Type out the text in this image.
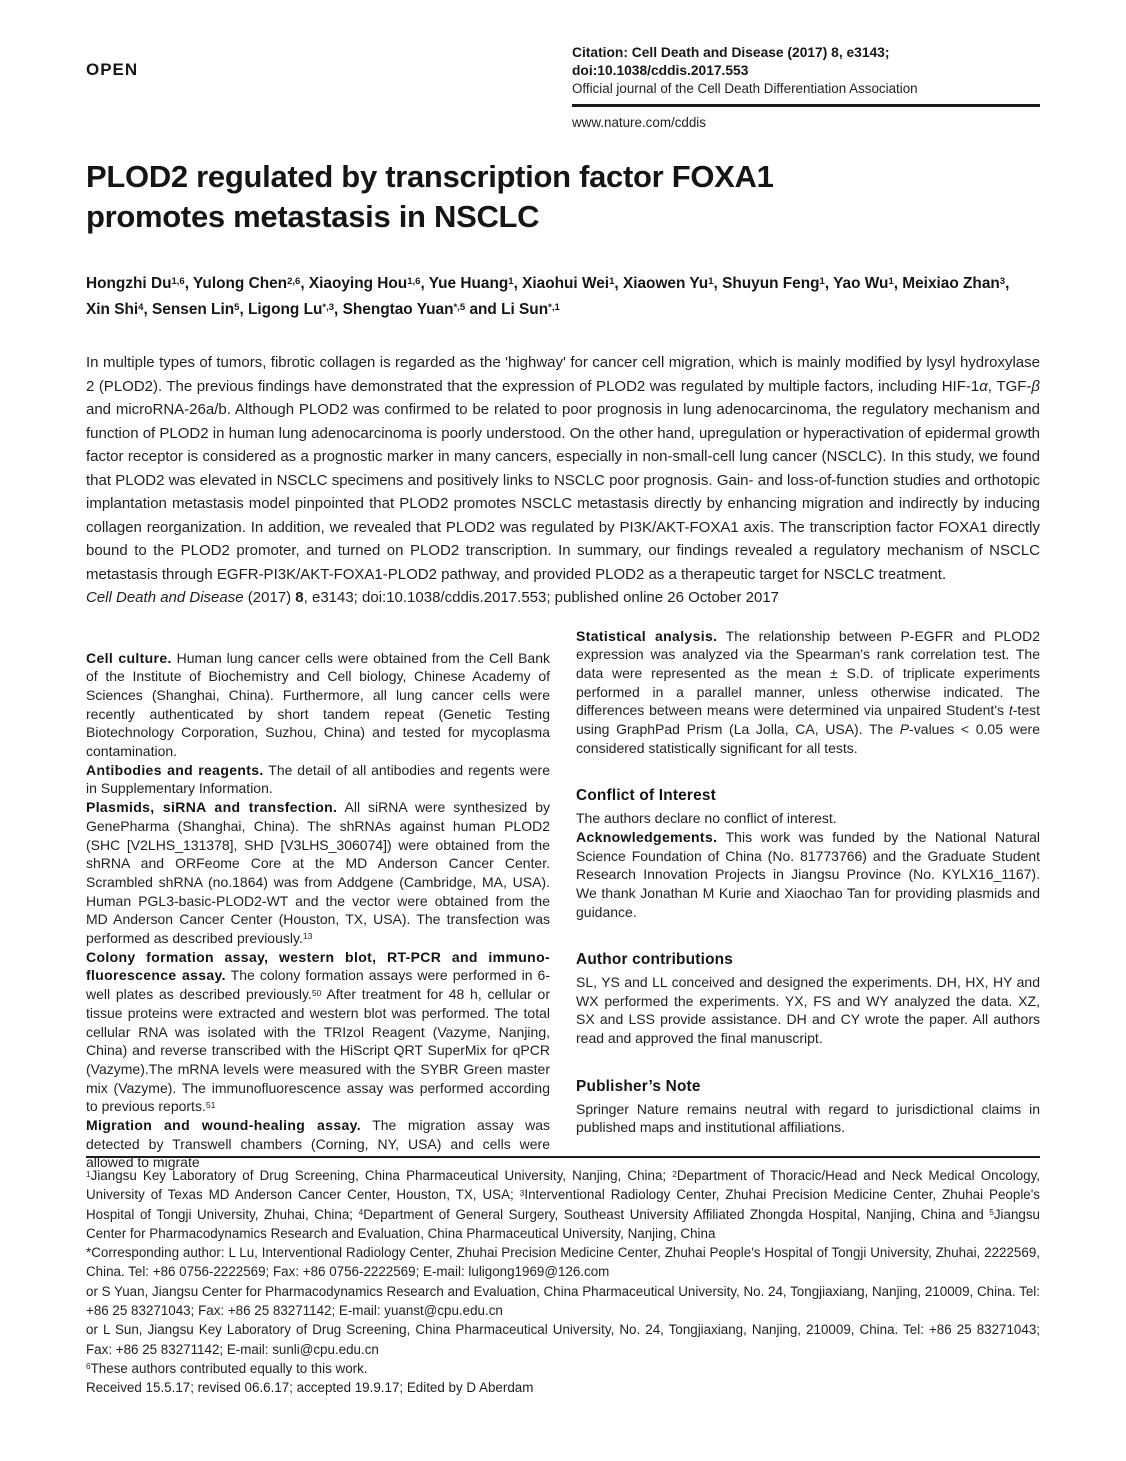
OPEN
Citation: Cell Death and Disease (2017) 8, e3143; doi:10.1038/cddis.2017.553
Official journal of the Cell Death Differentiation Association
www.nature.com/cddis
PLOD2 regulated by transcription factor FOXA1
promotes metastasis in NSCLC
Hongzhi Du$^{1,6}$, Yulong Chen$^{2,6}$, Xiaoying Hou$^{1,6}$, Yue Huang$^1$, Xiaohui Wei$^1$, Xiaowen Yu$^1$, Shuyun Feng$^1$, Yao Wu$^1$, Meixiao Zhan$^3$,
Xin Shi$^4$, Sensen Lin$^5$, Ligong $Lu^{*,3}$, Shengtao Yuan$^{*,5}$ and Li Sun$^{*,1}$
In multiple types of tumors, fibrotic collagen is regarded as the 'highway' for cancer cell migration, which is mainly modified by lysyl hydroxylase 2 (PLOD2). The previous findings have demonstrated that the expression of PLOD2 was regulated by multiple factors, including HIF-1α, TGF-β and microRNA-26a/b. Although PLOD2 was confirmed to be related to poor prognosis in lung adenocarcinoma, the regulatory mechanism and function of PLOD2 in human lung adenocarcinoma is poorly understood. On the other hand, upregulation or hyperactivation of epidermal growth factor receptor is considered as a prognostic marker in many cancers, especially in non-small-cell lung cancer (NSCLC). In this study, we found that PLOD2 was elevated in NSCLC specimens and positively links to NSCLC poor prognosis. Gain- and loss-of-function studies and orthotopic implantation metastasis model pinpointed that PLOD2 promotes NSCLC metastasis directly by enhancing migration and indirectly by inducing collagen reorganization. In addition, we revealed that PLOD2 was regulated by PI3K/AKT-FOXA1 axis. The transcription factor FOXA1 directly bound to the PLOD2 promoter, and turned on PLOD2 transcription. In summary, our findings revealed a regulatory mechanism of NSCLC metastasis through EGFR-PI3K/AKT-FOXA1-PLOD2 pathway, and provided PLOD2 as a therapeutic target for NSCLC treatment.
Cell Death and Disease (2017) 8, e3143; doi:10.1038/cddis.2017.553; published online 26 October 2017

Cell culture. Human lung cancer cells were obtained from the Cell Bank of the Institute of Biochemistry and Cell biology, Chinese Academy of Sciences (Shanghai, China). Furthermore, all lung cancer cells were recently authenticated by short tandem repeat (Genetic Testing Biotechnology Corporation, Suzhou, China) and tested for mycoplasma contamination.

Antibodies and reagents. The detail of all antibodies and regents were in Supplementary Information.

Plasmids, siRNA and transfection. All siRNA were synthesized by GenePharma (Shanghai, China). The shRNAs against human PLOD2 (SHC [V2LHS_131378], SHD [V3LHS_306074]) were obtained from the shRNA and ORFeome Core at the MD Anderson Cancer Center. Scrambled shRNA (no.1864) was from Addgene (Cambridge, MA, USA). Human PGL3-basic-PLOD2-WT and the vector were obtained from the MD Anderson Cancer Center (Houston, TX, USA). The transfection was performed as described previously.$^{13}$

Colony formation assay, western blot, RT-PCR and immuno-fluorescence assay. The colony formation assays were performed in 6-well plates as described previously.$^{50}$ After treatment for 48 h, cellular or tissue proteins were extracted and western blot was performed. The total cellular RNA was isolated with the TRIzol Reagent (Vazyme, Nanjing, China) and reverse transcribed with the HiScript QRT SuperMix for qPCR (Vazyme).The mRNA levels were measured with the SYBR Green master mix (Vazyme). The immunofluorescence assay was performed according to previous reports.$^{51}$

Migration and wound-healing assay. The migration assay was detected by Transwell chambers (Corning, NY, USA) and cells were allowed to migrate

Statistical analysis. The relationship between P-EGFR and PLOD2 expression was analyzed via the Spearman's rank correlation test. The data were represented as the mean ± S.D. of triplicate experiments performed in a parallel manner, unless otherwise indicated. The differences between means were determined via unpaired Student's t-test using GraphPad Prism (La Jolla, CA, USA). The P-values < 0.05 were considered statistically significant for all tests.

Conflict of Interest

The authors declare no conflict of interest.

Acknowledgements. This work was funded by the National Natural Science Foundation of China (No. 81773766) and the Graduate Student Research Innovation Projects in Jiangsu Province (No. KYLX16_1167). We thank Jonathan M Kurie and Xiaochao Tan for providing plasmids and guidance.

Author contributions

SL, YS and LL conceived and designed the experiments. DH, HX, HY and WX performed the experiments. YX, FS and WY analyzed the data. XZ, SX and LSS provide assistance. DH and CY wrote the paper. All authors read and approved the final manuscript.

Publisher’s Note

Springer Nature remains neutral with regard to jurisdictional claims in published maps and institutional affiliations.

$^1$Jiangsu Key Laboratory of Drug Screening, China Pharmaceutical University, Nanjing, China; $^2$Department of Thoracic/Head and Neck Medical Oncology, University of Texas MD Anderson Cancer Center, Houston, TX, USA; $^3$Interventional Radiology Center, Zhuhai Precision Medicine Center, Zhuhai People's Hospital of Tongji University, Zhuhai, China; $^4$Department of General Surgery, Southeast University Affiliated Zhongda Hospital, Nanjing, China and $^5$Jiangsu Center for Pharmacodynamics Research and Evaluation, China Pharmaceutical University, Nanjing, China

*Corresponding author: L Lu, Interventional Radiology Center, Zhuhai Precision Medicine Center, Zhuhai People's Hospital of Tongji University, Zhuhai, 2222569, China. Tel: +86 0756-2222569; Fax: +86 0756-2222569; E-mail: luligong1969@126.com

or S Yuan, Jiangsu Center for Pharmacodynamics Research and Evaluation, China Pharmaceutical University, No. 24, Tongjiaxiang, Nanjing, 210009, China. Tel: +86 25 83271043; Fax: +86 25 83271142; E-mail: yuanst@cpu.edu.cn

or L Sun, Jiangsu Key Laboratory of Drug Screening, China Pharmaceutical University, No. 24, Tongjiaxiang, Nanjing, 210009, China. Tel: +86 25 83271043; Fax: +86 25 83271142; E-mail: sunli@cpu.edu.cn

$^6$These authors contributed equally to this work.

Received 15.5.17; revised 06.6.17; accepted 19.9.17; Edited by D Aberdam
